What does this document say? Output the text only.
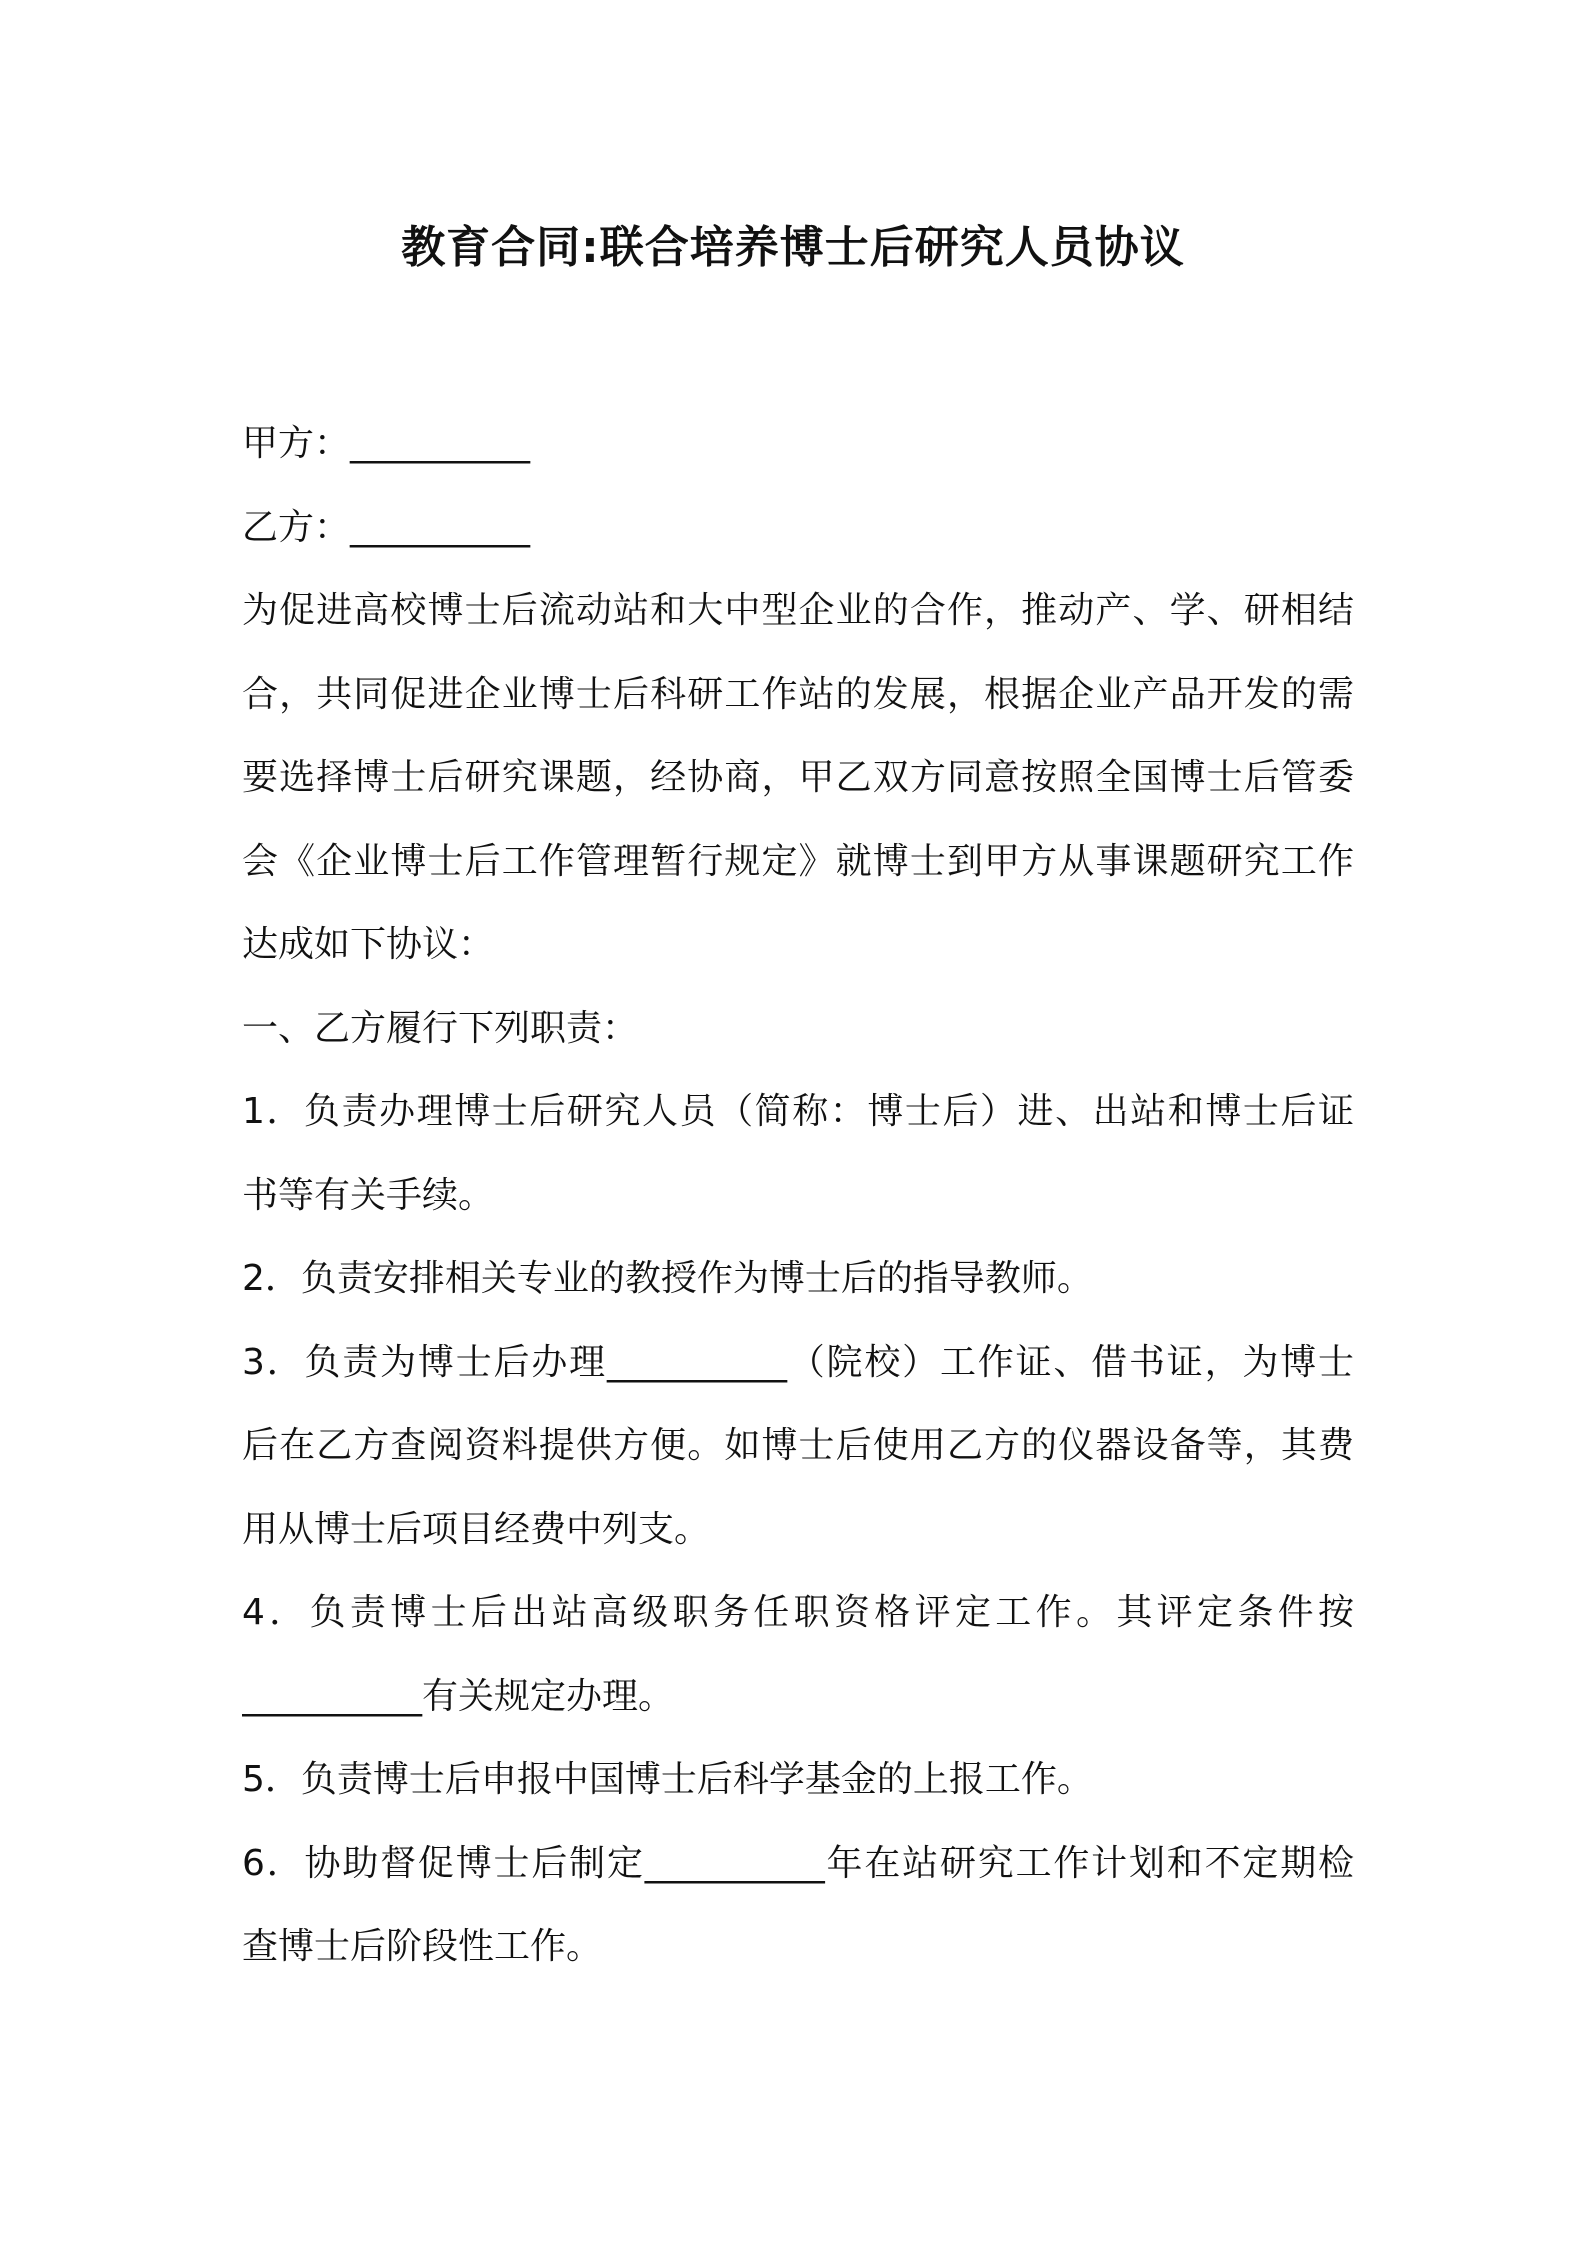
教育合同:联合培养博士后研究人员协议
甲方：__________
乙方：__________
为促进高校博士后流动站和大中型企业的合作，推动产、学、研相结
合，共同促进企业博士后科研工作站的发展，根据企业产品开发的需
要选择博士后研究课题，经协商，甲乙双方同意按照全国博士后管委
会《企业博士后工作管理暂行规定》就博士到甲方从事课题研究工作
达成如下协议：
一、乙方履行下列职责：
1．负责办理博士后研究人员（简称：博士后）进、出站和博士后证
书等有关手续。
2．负责安排相关专业的教授作为博士后的指导教师。
3．负责为博士后办理__________（院校）工作证、借书证，为博士
后在乙方查阅资料提供方便。如博士后使用乙方的仪器设备等，其费
用从博士后项目经费中列支。
4．负责博士后出站高级职务任职资格评定工作。其评定条件按
__________有关规定办理。
5．负责博士后申报中国博士后科学基金的上报工作。
6．协助督促博士后制定__________年在站研究工作计划和不定期检
查博士后阶段性工作。
